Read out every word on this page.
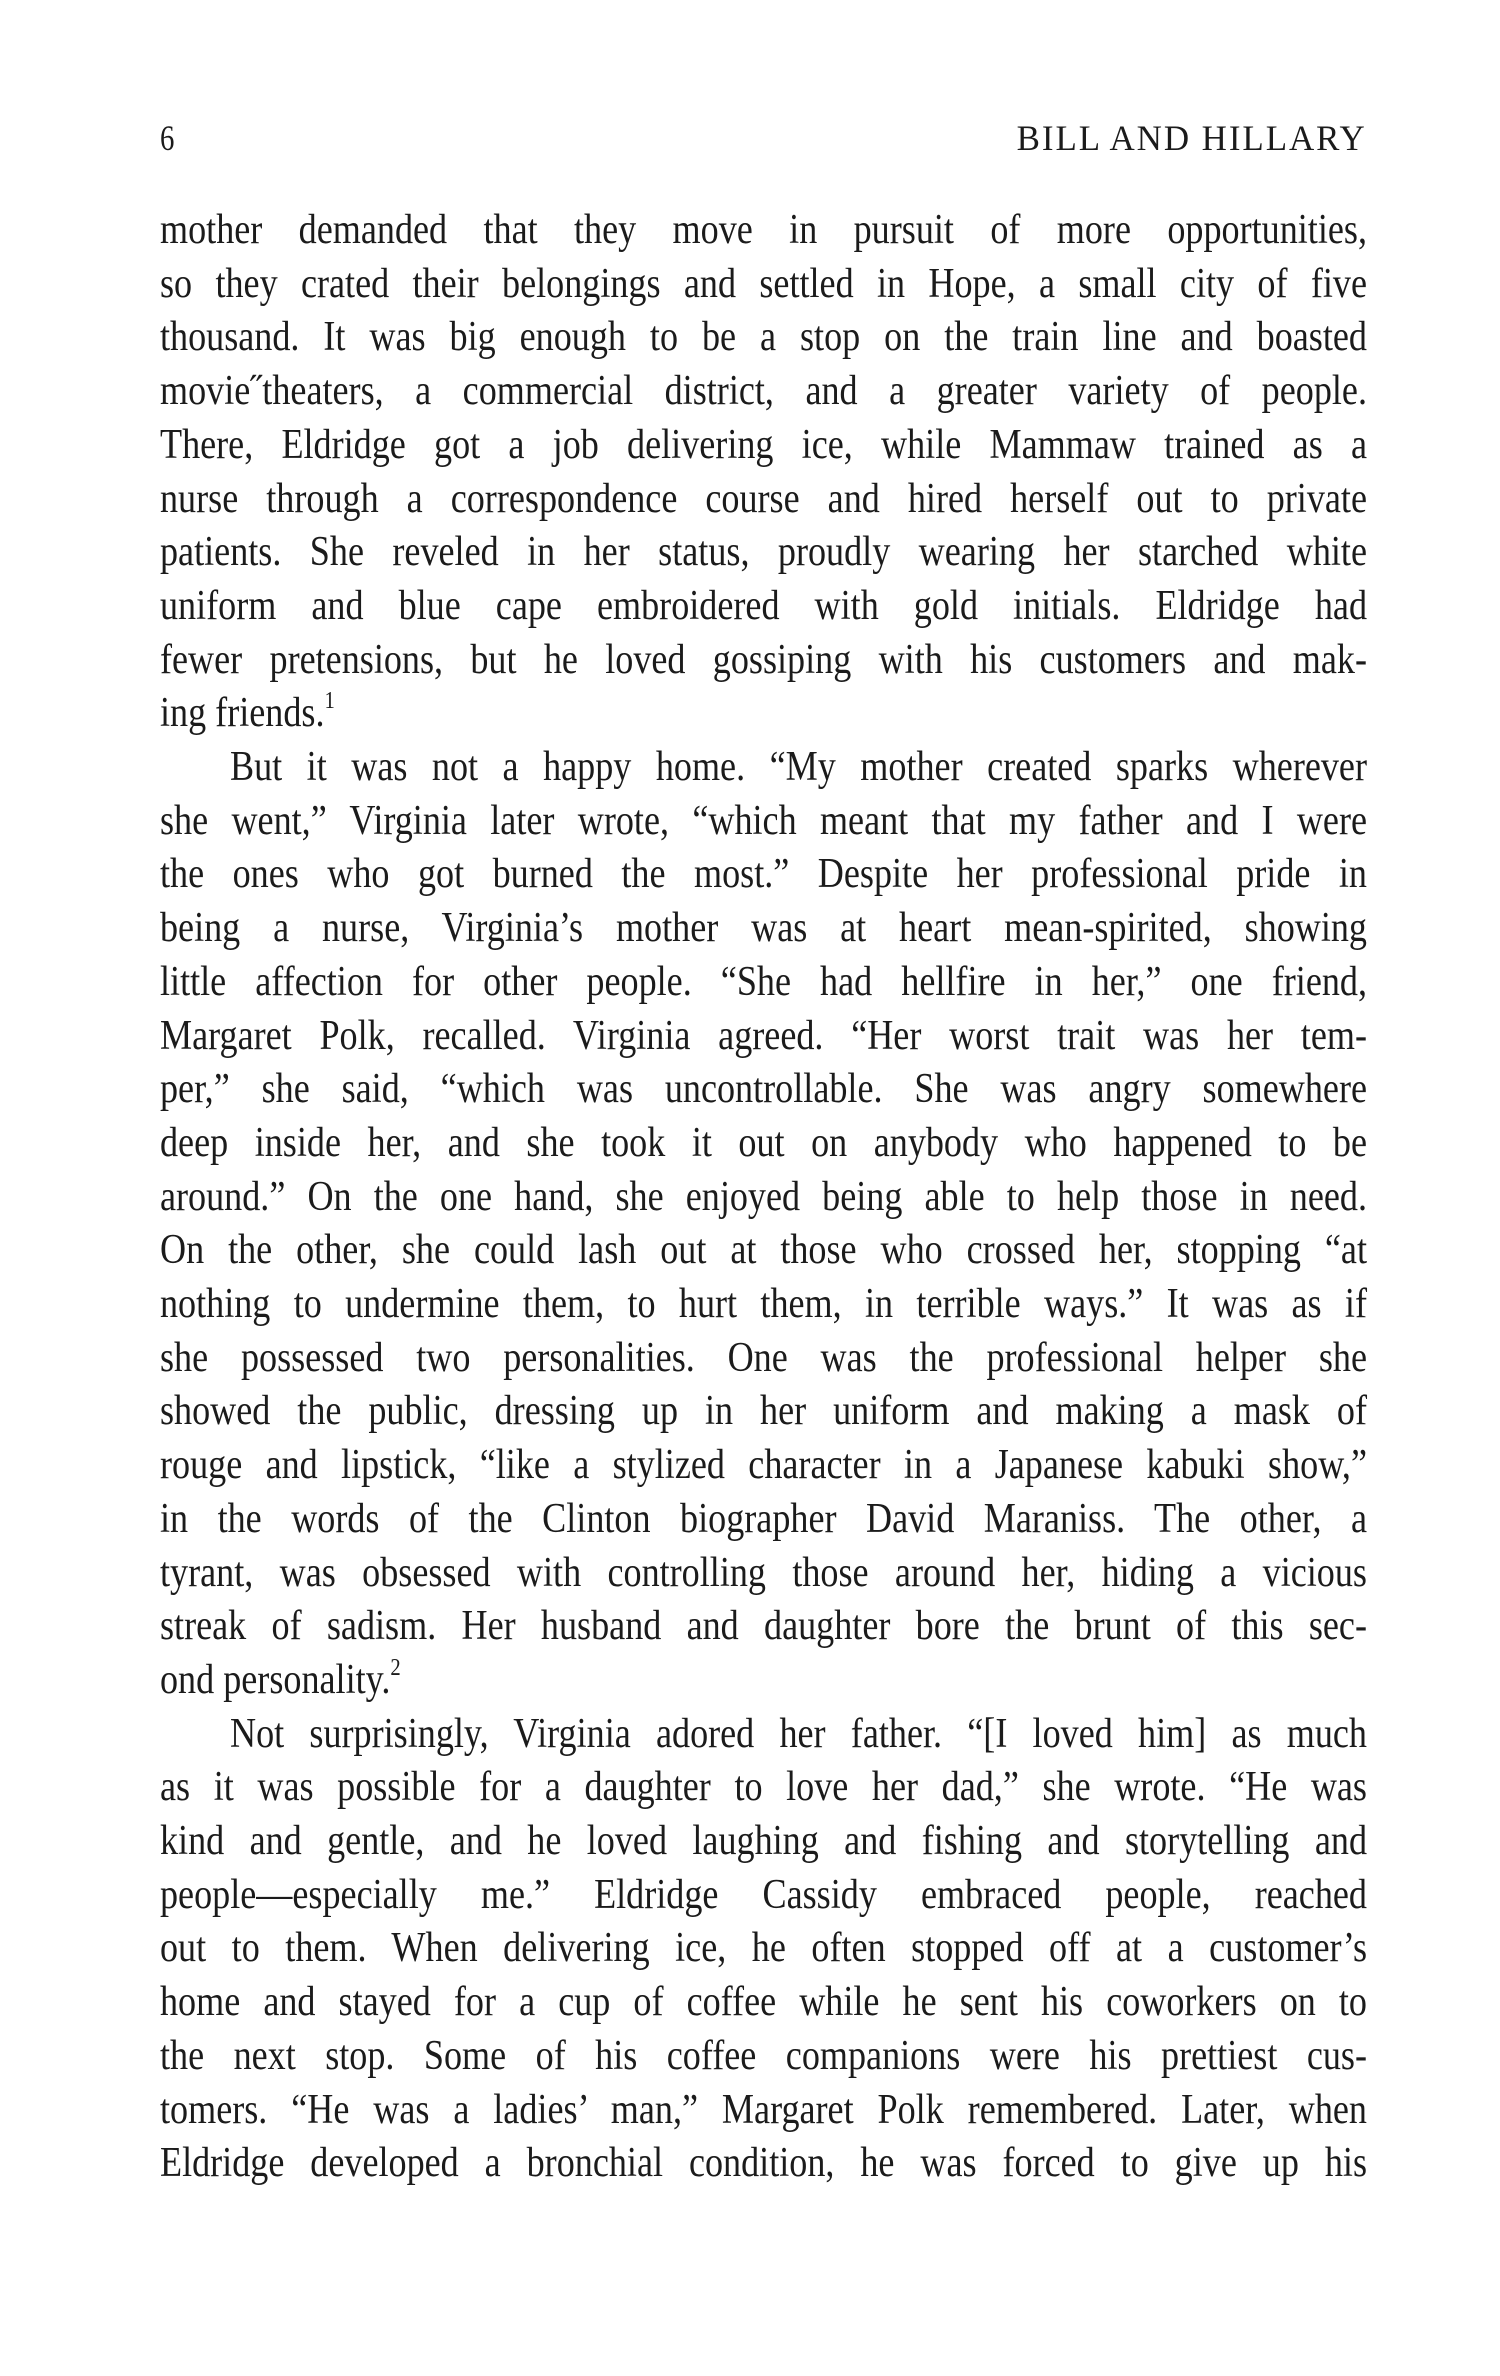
6	BILL AND HILLARY
mother demanded that they move in pursuit of more opportunities,
so they crated their belongings and settled in Hope, a small city of five
thousand. It was big enough to be a stop on the train line and boasted
movie˝theaters, a commercial district, and a greater variety of people.
There, Eldridge got a job delivering ice, while Mammaw trained as a
nurse through a correspondence course and hired herself out to private
patients. She reveled in her status, proudly wearing her starched white
uniform and blue cape embroidered with gold initials. Eldridge had
fewer pretensions, but he loved gossiping with his customers and mak-
ing friends.$^1$
But it was not a happy home. “My mother created sparks wherever
she went,” Virginia later wrote, “which meant that my father and I were
the ones who got burned the most.” Despite her professional pride in
being a nurse, Virginia’s mother was at heart mean-spirited, showing
little affection for other people. “She had hellfire in her,” one friend,
Margaret Polk, recalled. Virginia agreed. “Her worst trait was her tem-
per,” she said, “which was uncontrollable. She was angry somewhere
deep inside her, and she took it out on anybody who happened to be
around.” On the one hand, she enjoyed being able to help those in need.
On the other, she could lash out at those who crossed her, stopping “at
nothing to undermine them, to hurt them, in terrible ways.” It was as if
she possessed two personalities. One was the professional helper she
showed the public, dressing up in her uniform and making a mask of
rouge and lipstick, “like a stylized character in a Japanese kabuki show,”
in the words of the Clinton biographer David Maraniss. The other, a
tyrant, was obsessed with controlling those around her, hiding a vicious
streak of sadism. Her husband and daughter bore the brunt of this sec-
ond personality.$^2$
Not surprisingly, Virginia adored her father. “[I loved him] as much
as it was possible for a daughter to love her dad,” she wrote. “He was
kind and gentle, and he loved laughing and fishing and storytelling and
people—especially me.” Eldridge Cassidy embraced people, reached
out to them. When delivering ice, he often stopped off at a customer’s
home and stayed for a cup of coffee while he sent his coworkers on to
the next stop. Some of his coffee companions were his prettiest cus-
tomers. “He was a ladies’ man,” Margaret Polk remembered. Later, when
Eldridge developed a bronchial condition, he was forced to give up his
